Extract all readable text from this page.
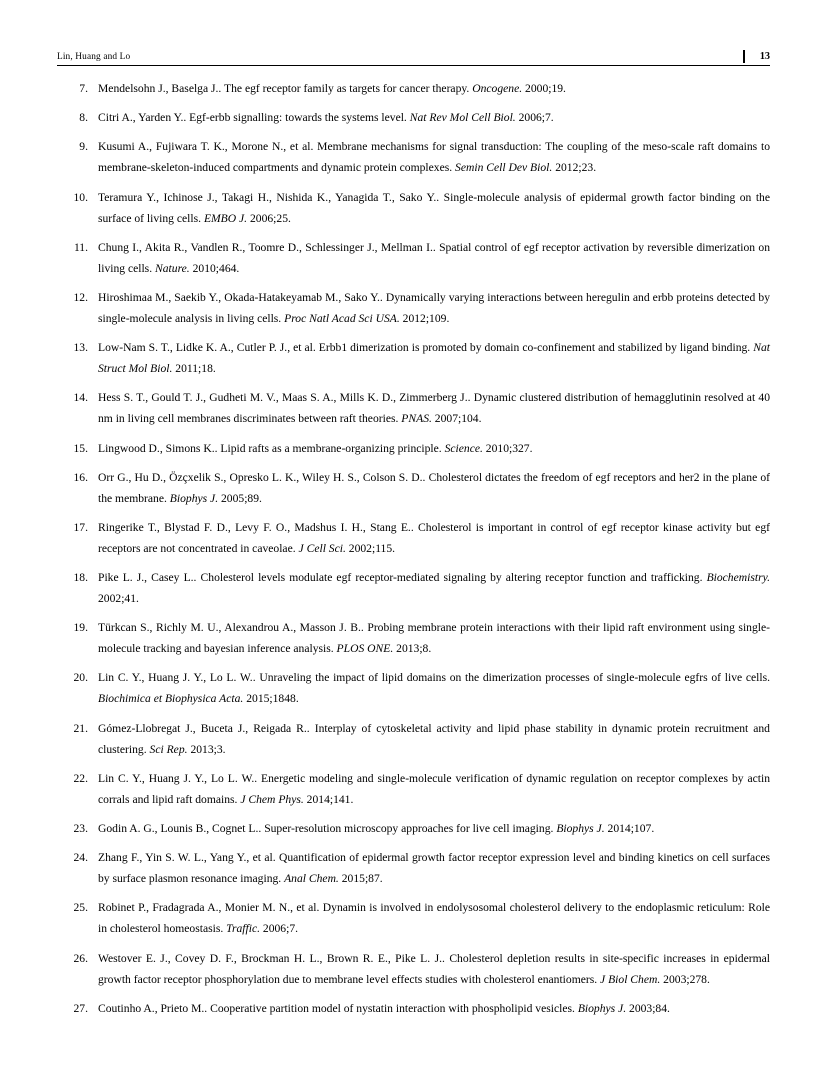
Lin, Huang and Lo	13
7. Mendelsohn J., Baselga J.. The egf receptor family as targets for cancer therapy. Oncogene. 2000;19.
8. Citri A., Yarden Y.. Egf-erbb signalling: towards the systems level. Nat Rev Mol Cell Biol. 2006;7.
9. Kusumi A., Fujiwara T. K., Morone N., et al. Membrane mechanisms for signal transduction: The coupling of the meso-scale raft domains to membrane-skeleton-induced compartments and dynamic protein complexes. Semin Cell Dev Biol. 2012;23.
10. Teramura Y., Ichinose J., Takagi H., Nishida K., Yanagida T., Sako Y.. Single-molecule analysis of epidermal growth factor binding on the surface of living cells. EMBO J. 2006;25.
11. Chung I., Akita R., Vandlen R., Toomre D., Schlessinger J., Mellman I.. Spatial control of egf receptor activation by reversible dimerization on living cells. Nature. 2010;464.
12. Hiroshimaa M., Saekib Y., Okada-Hatakeyamab M., Sako Y.. Dynamically varying interactions between heregulin and erbb proteins detected by single-molecule analysis in living cells. Proc Natl Acad Sci USA. 2012;109.
13. Low-Nam S. T., Lidke K. A., Cutler P. J., et al. Erbb1 dimerization is promoted by domain co-confinement and stabilized by ligand binding. Nat Struct Mol Biol. 2011;18.
14. Hess S. T., Gould T. J., Gudheti M. V., Maas S. A., Mills K. D., Zimmerberg J.. Dynamic clustered distribution of hemagglutinin resolved at 40 nm in living cell membranes discriminates between raft theories. PNAS. 2007;104.
15. Lingwood D., Simons K.. Lipid rafts as a membrane-organizing principle. Science. 2010;327.
16. Orr G., Hu D., Özçxelik S., Opresko L. K., Wiley H. S., Colson S. D.. Cholesterol dictates the freedom of egf receptors and her2 in the plane of the membrane. Biophys J. 2005;89.
17. Ringerike T., Blystad F. D., Levy F. O., Madshus I. H., Stang E.. Cholesterol is important in control of egf receptor kinase activity but egf receptors are not concentrated in caveolae. J Cell Sci. 2002;115.
18. Pike L. J., Casey L.. Cholesterol levels modulate egf receptor-mediated signaling by altering receptor function and trafficking. Biochemistry. 2002;41.
19. Türkcan S., Richly M. U., Alexandrou A., Masson J. B.. Probing membrane protein interactions with their lipid raft environment using single-molecule tracking and bayesian inference analysis. PLOS ONE. 2013;8.
20. Lin C. Y., Huang J. Y., Lo L. W.. Unraveling the impact of lipid domains on the dimerization processes of single-molecule egfrs of live cells. Biochimica et Biophysica Acta. 2015;1848.
21. Gómez-Llobregat J., Buceta J., Reigada R.. Interplay of cytoskeletal activity and lipid phase stability in dynamic protein recruitment and clustering. Sci Rep. 2013;3.
22. Lin C. Y., Huang J. Y., Lo L. W.. Energetic modeling and single-molecule verification of dynamic regulation on receptor complexes by actin corrals and lipid raft domains. J Chem Phys. 2014;141.
23. Godin A. G., Lounis B., Cognet L.. Super-resolution microscopy approaches for live cell imaging. Biophys J. 2014;107.
24. Zhang F., Yin S. W. L., Yang Y., et al. Quantification of epidermal growth factor receptor expression level and binding kinetics on cell surfaces by surface plasmon resonance imaging. Anal Chem. 2015;87.
25. Robinet P., Fradagrada A., Monier M. N., et al. Dynamin is involved in endolysosomal cholesterol delivery to the endoplasmic reticulum: Role in cholesterol homeostasis. Traffic. 2006;7.
26. Westover E. J., Covey D. F., Brockman H. L., Brown R. E., Pike L. J.. Cholesterol depletion results in site-specific increases in epidermal growth factor receptor phosphorylation due to membrane level effects studies with cholesterol enantiomers. J Biol Chem. 2003;278.
27. Coutinho A., Prieto M.. Cooperative partition model of nystatin interaction with phospholipid vesicles. Biophys J. 2003;84.
